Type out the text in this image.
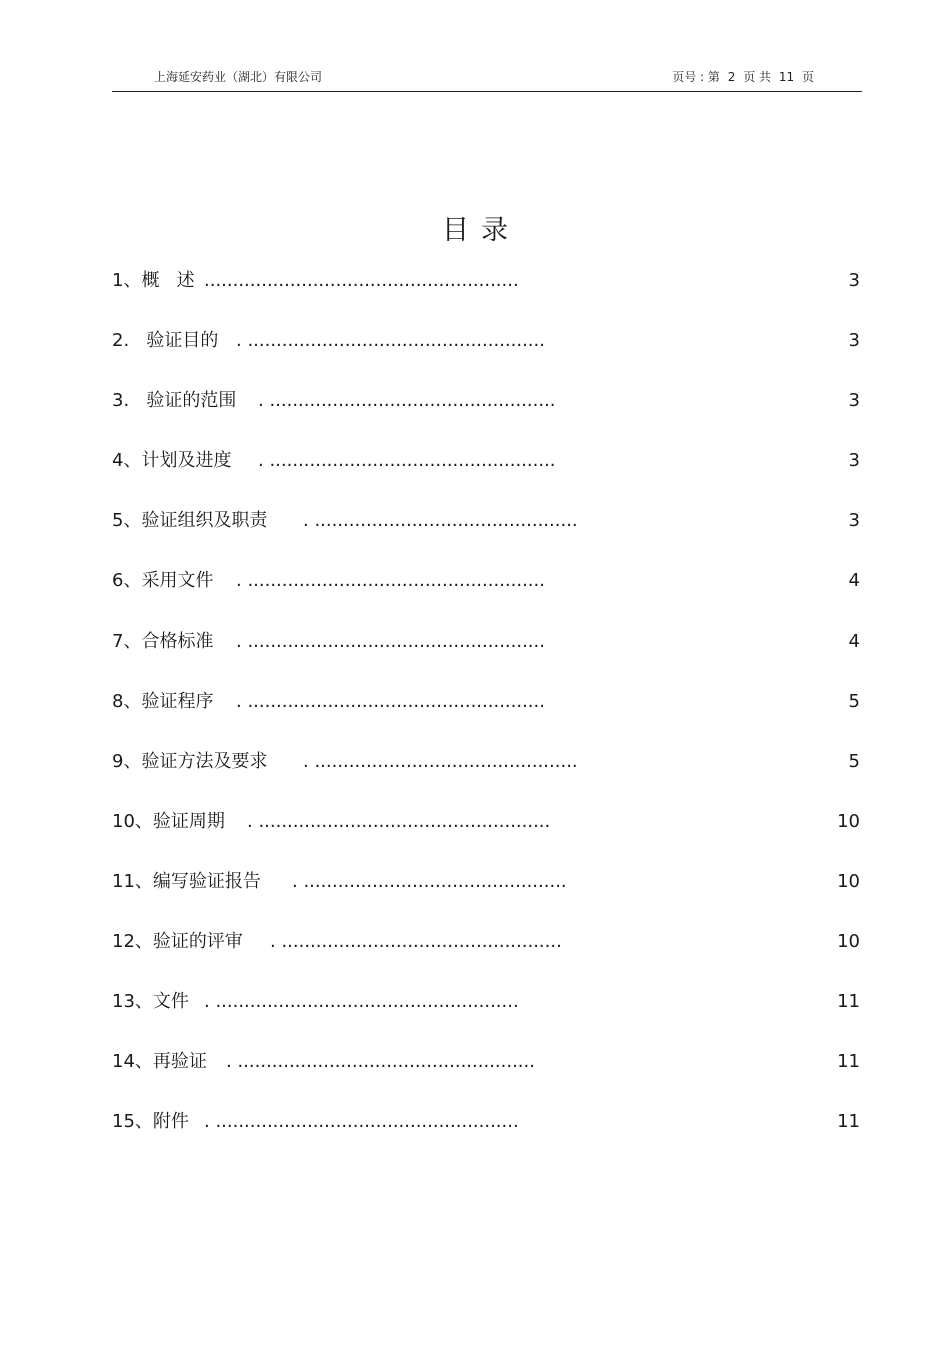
上海延安药业（湖北）有限公司	页号 : 第 2 页 共 11 页
目录
1、概   述 .......................................................	3
2.   验证目的 . ....................................................	3
3.   验证的范围 . ..................................................	3
4、计划及进度 . ..................................................	3
5、验证组织及职责 . ..............................................	3
6、采用文件 . ....................................................	4
7、合格标准 . ....................................................	4
8、验证程序 . ....................................................	5
9、验证方法及要求 . ..............................................	5
10、验证周期 . ...................................................	10
11、编写验证报告 . ..............................................	10
12、验证的评审 . .................................................	10
13、文件 . .....................................................	11
14、再验证 . ....................................................	11
15、附件 . .....................................................	11
